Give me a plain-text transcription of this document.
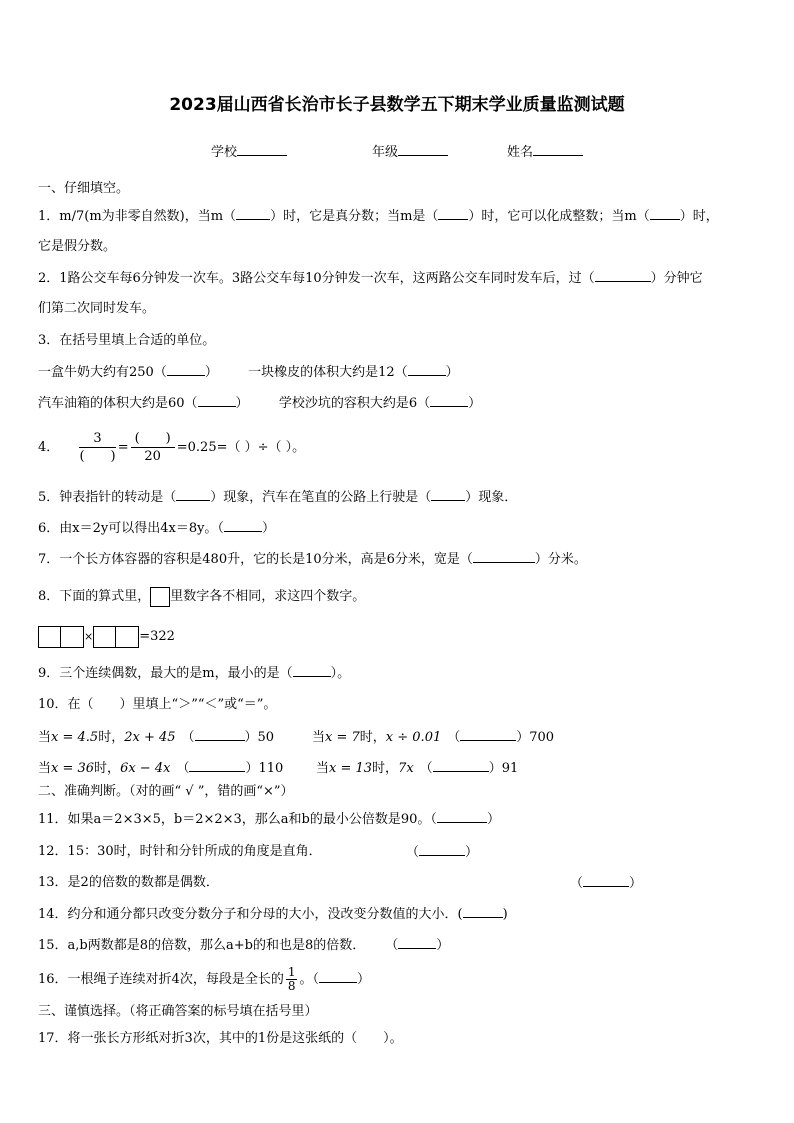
2023届山西省长治市长子县数学五下期末学业质量监测试题
学校	年级	姓名
一、仔细填空。
1．m/7(m为非零自然数)，当m（	）时，它是真分数；当m是（ ）时，它可以化成整数；当m（ ）时，
它是假分数。
2．1路公交车每6分钟发一次车。3路公交车每10分钟发一次车，这两路公交车同时发车后，过（	）分钟它
们第二次同时发车。
3．在括号里填上合适的单位。
一盒牛奶大约有250（	） 一块橡皮的体积大约是12（	）
汽车油箱的体积大约是60（	） 学校沙坑的容积大约是6（	）
4． $\frac{3}{( )} = \frac{( )}{20} =0.25=$（ ）÷（ ）。
5．钟表指针的转动是（	）现象，汽车在笔直的公路上行驶是（	）现象．
6．由x＝2y可以得出4x＝8y。（	）
7．一个长方体容器的容积是480升，它的长是10分米，高是6分米，宽是（	）分米。
8．下面的算式里， 里数字各不相同，求这四个数字。
×	=322
9．三个连续偶数，最大的是m，最小的是（	）。
10．在（　　）里填上“＞”“＜”或“＝”。
当x = 4.5时，2x + 45 （	）50	当x = 7时，x ÷ 0.01 （	）700
当x = 36时，6x − 4x （	）110	当x = 13时，7x （	）91
二、准确判断。（对的画“ √ ”，错的画“×”）
11．如果a＝2×3×5，b＝2×2×3，那么a和b的最小公倍数是90。（	）
12．15：30时，时针和分针所成的角度是直角．	（	）
13．是2的倍数的数都是偶数．	（	）
14．约分和通分都只改变分数分子和分母的大小，没改变分数值的大小．(	)
15．a,b两数都是8的倍数，那么a+b的和也是8的倍数． （	）
16．一根绳子连续对折4次，每段是全长的 $\frac{1}{8}$ 。（	）
三、谨慎选择。（将正确答案的标号填在括号里）
17．将一张长方形纸对折3次，其中的1份是这张纸的（　　）。
